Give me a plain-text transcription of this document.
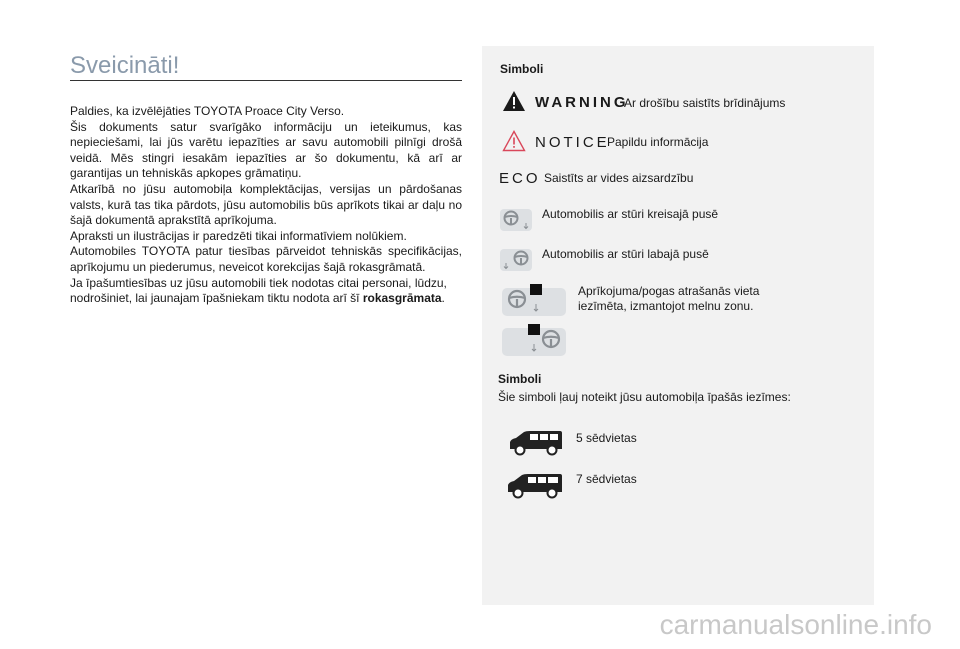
Sveicināti!

Paldies, ka izvēlējāties TOYOTA Proace City Verso.

Šis dokuments satur svarīgāko informāciju un ieteikumus, kas nepieciešami, lai jūs varētu iepazīties ar savu automobili pilnīgi drošā veidā. Mēs stingri iesakām iepazīties ar šo dokumentu, kā arī ar garantijas un tehniskās apkopes grāmatiņu.

Atkarībā no jūsu automobiļa komplektācijas, versijas un pārdošanas valsts, kurā tas tika pārdots, jūsu automobilis būs aprīkots tikai ar daļu no šajā dokumentā aprakstītā aprīkojuma.

Apraksti un ilustrācijas ir paredzēti tikai informatīviem nolūkiem.

Automobiles TOYOTA patur tiesības pārveidot tehniskās specifikācijas, aprīkojumu un piederumus, neveicot korekcijas šajā rokasgrāmatā.

Ja īpašumtiesības uz jūsu automobili tiek nodotas citai personai, lūdzu, nodrošiniet, lai jaunajam īpašniekam tiktu nodota arī šī rokasgrāmata.

Simboli
WARNING
Ar drošību saistīts brīdinājums
NOTICE
Papildu informācija
ECO Saistīts ar vides aizsardzību
Automobilis ar stūri kreisajā pusē
Automobilis ar stūri labajā pusē
Aprīkojuma/pogas atrašanās vieta iezīmēta, izmantojot melnu zonu.
Simboli
Šie simboli ļauj noteikt jūsu automobiļa īpašās iezīmes:
5 sēdvietas
7 sēdvietas
carmanualsonline.info
